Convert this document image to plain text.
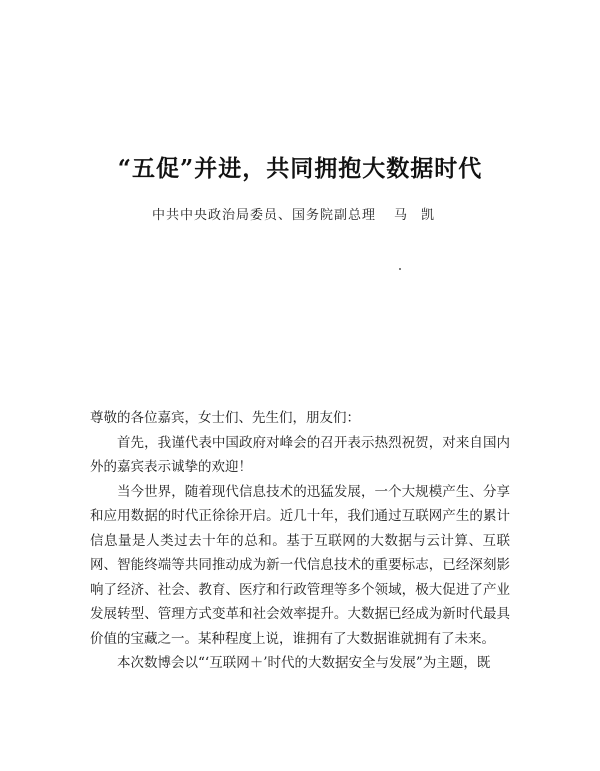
“五促”并进，共同拥抱大数据时代
中共中央政治局委员、国务院副总理 马凯

尊敬的各位嘉宾，女士们、先生们，朋友们：

首先，我谨代表中国政府对峰会的召开表示热烈祝贺，对来自国内外的嘉宾表示诚挚的欢迎！

当今世界，随着现代信息技术的迅猛发展，一个大规模产生、分享和应用数据的时代正徐徐开启。近几十年，我们通过互联网产生的累计信息量是人类过去十年的总和。基于互联网的大数据与云计算、互联网、智能终端等共同推动成为新一代信息技术的重要标志，已经深刻影响了经济、社会、教育、医疗和行政管理等多个领域，极大促进了产业发展转型、管理方式变革和社会效率提升。大数据已经成为新时代最具价值的宝藏之一。某种程度上说，谁拥有了大数据谁就拥有了未来。

本次数博会以“‘互联网＋’时代的大数据安全与发展”为主题，既
